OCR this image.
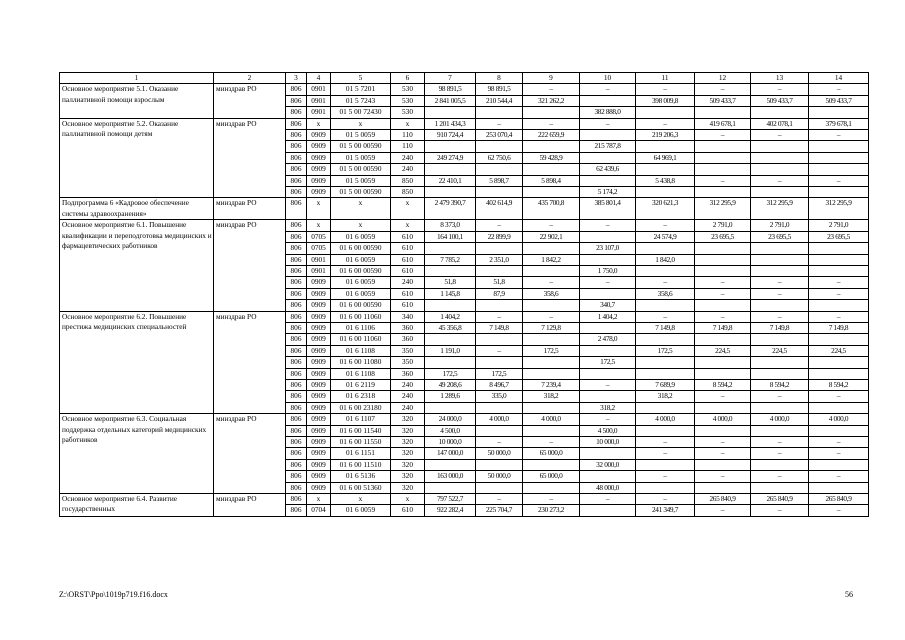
1	2	3	4	5	6	7	8	9	10	11	12	13	14
Основное мероприятие 5.1. Оказание паллиативной помощи взрослым	минздрав РО	806	0901	01 5 7201	530	98 891,5	98 891,5	–	–	–	–	–	–
		806	0901	01 5 7243	530	2 841 005,5	210 544,4	321 262,2		398 009,8	509 433,7	509 433,7	509 433,7
		806	0901	01 5 00 72430	530				382 888,0				
Основное мероприятие 5.2. Оказание паллиативной помощи детям	минздрав РО	806	х	х	х	1 201 434,3	–	–	–	–	419 678,1	402 078,1	379 678,1
		806	0909	01 5 0059	110	910 724,4	253 070,4	222 659,9		219 206,3	–	–	–
		806	0909	01 5 00 00590	110				215 787,8				
		806	0909	01 5 0059	240	249 274,9	62 750,6	59 428,9		64 969,1			
		806	0909	01 5 00 00590	240				62 439,6				
		806	0909	01 5 0059	850	22 410,1	5 898,7	5 898,4		5 438,8	–	–	–
		806	0909	01 5 00 00590	850				5 174,2				
Подпрограмма 6 «Кадровое обеспечение системы здравоохранения»	минздрав РО	806	х	х	х	2 479 390,7	402 614,9	435 700,8	385 801,4	320 621,3	312 295,9	312 295,9	312 295,9
Основное мероприятие 6.1. Повышение квалификации и переподготовка медицинских и фармацевтических работников	минздрав РО	806	х	х	х	8 373,0	–	–	–	–	2 791,0	2 791,0	2 791,0
		806	0705	01 6 0059	610	164 100,1	22 899,9	22 902,1		24 574,9	23 695,5	23 695,5	23 695,5
		806	0705	01 6 00 00590	610				23 107,0				
		806	0901	01 6 0059	610	7 785,2	2 351,0	1 842,2		1 842,0			
		806	0901	01 6 00 00590	610				1 750,0				
		806	0909	01 6 0059	240	51,8	51,8	–	–	–	–	–	–
		806	0909	01 6 0059	610	1 145,8	87,9	358,6		358,6	–	–	–
		806	0909	01 6 00 00590	610				340,7				
Основное мероприятие 6.2. Повышение престижа медицинских специальностей	минздрав РО	806	0909	01 6 00 11060	340	1 404,2	–	–	1 404,2	–	–	–	–
		806	0909	01 6 1106	360	45 356,8	7 149,8	7 129,8		7 149,8	7 149,8	7 149,8	7 149,8
		806	0909	01 6 00 11060	360				2 478,0				
		806	0909	01 6 1108	350	1 191,0	–	172,5		172,5	224,5	224,5	224,5
		806	0909	01 6 00 11080	350				172,5				
		806	0909	01 6 1108	360	172,5	172,5						
		806	0909	01 6 2119	240	49 208,6	8 496,7	7 239,4	–	7 689,9	8 594,2	8 594,2	8 594,2
		806	0909	01 6 2318	240	1 289,6	335,0	318,2		318,2	–	–	–
		806	0909	01 6 00 23180	240				318,2				
Основное мероприятие 6.3. Социальная поддержка отдельных категорий медицинских работников	минздрав РО	806	0909	01 6 1107	320	24 000,0	4 000,0	4 000,0	–	4 000,0	4 000,0	4 000,0	4 000,0
		806	0909	01 6 00 11540	320	4 500,0			4 500,0				
		806	0909	01 6 00 11550	320	10 000,0	–	–	10 000,0	–	–	–	–
		806	0909	01 6 1151	320	147 000,0	50 000,0	65 000,0		–	–	–	–
		806	0909	01 6 00 11510	320				32 000,0				
		806	0909	01 6 5136	320	163 000,0	50 000,0	65 000,0		–	–	–	–
		806	0909	01 6 00 51360	320				48 000,0				
Основное мероприятие 6.4. Развитие государственных	минздрав РО	806	х	х	х	797 522,7	–	–	–	–	265 840,9	265 840,9	265 840,9
		806	0704	01 6 0059	610	922 282,4	225 704,7	230 273,2		241 349,7	–	–	–
Z:\ORST\Ppo\1019p719.f16.docx	56
